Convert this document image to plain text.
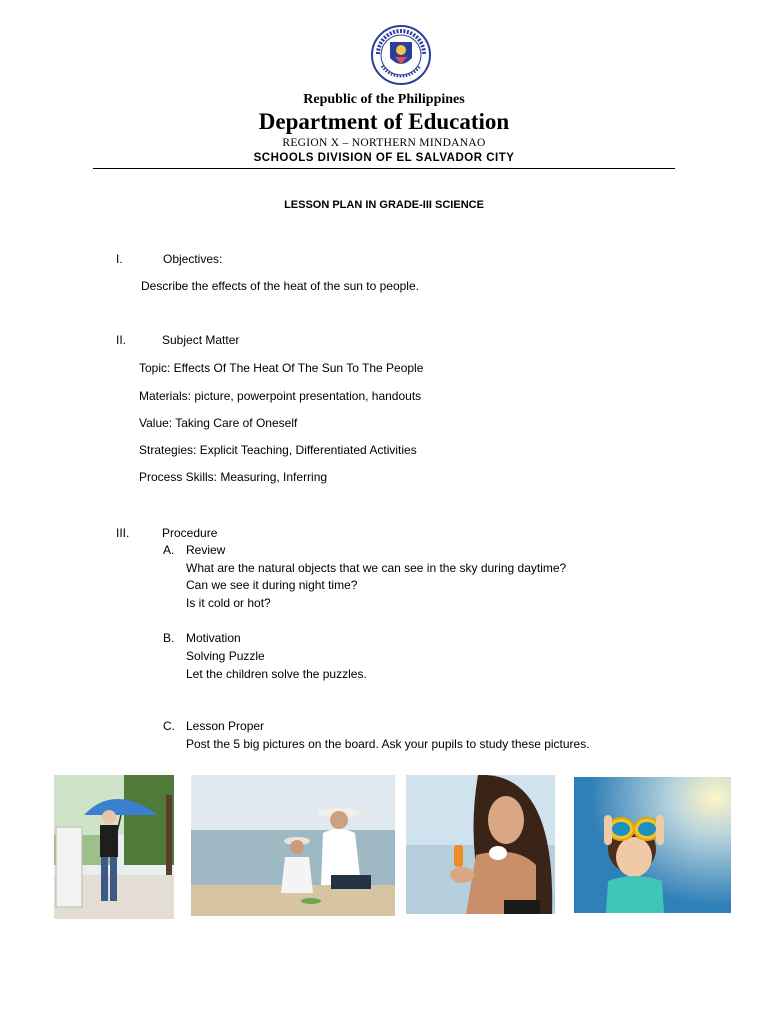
Republic of the Philippines
Department of Education
REGION X – NORTHERN MINDANAO
SCHOOLS DIVISION OF EL SALVADOR CITY
LESSON PLAN IN GRADE-III SCIENCE
I.	Objectives:
Describe the effects of the heat of the sun to people.
II.	Subject Matter
Topic: Effects Of The Heat Of The Sun To The People
Materials: picture, powerpoint presentation, handouts
Value: Taking Care of Oneself
Strategies: Explicit Teaching, Differentiated Activities
Process Skills: Measuring, Inferring
III.	Procedure
A. Review
What are the natural objects that we can see in the sky during daytime?
Can we see it during night time?
Is it cold or hot?
B. Motivation
Solving Puzzle
Let the children solve the puzzles.
C. Lesson Proper
Post the 5 big pictures on the board. Ask your pupils to study these pictures.
